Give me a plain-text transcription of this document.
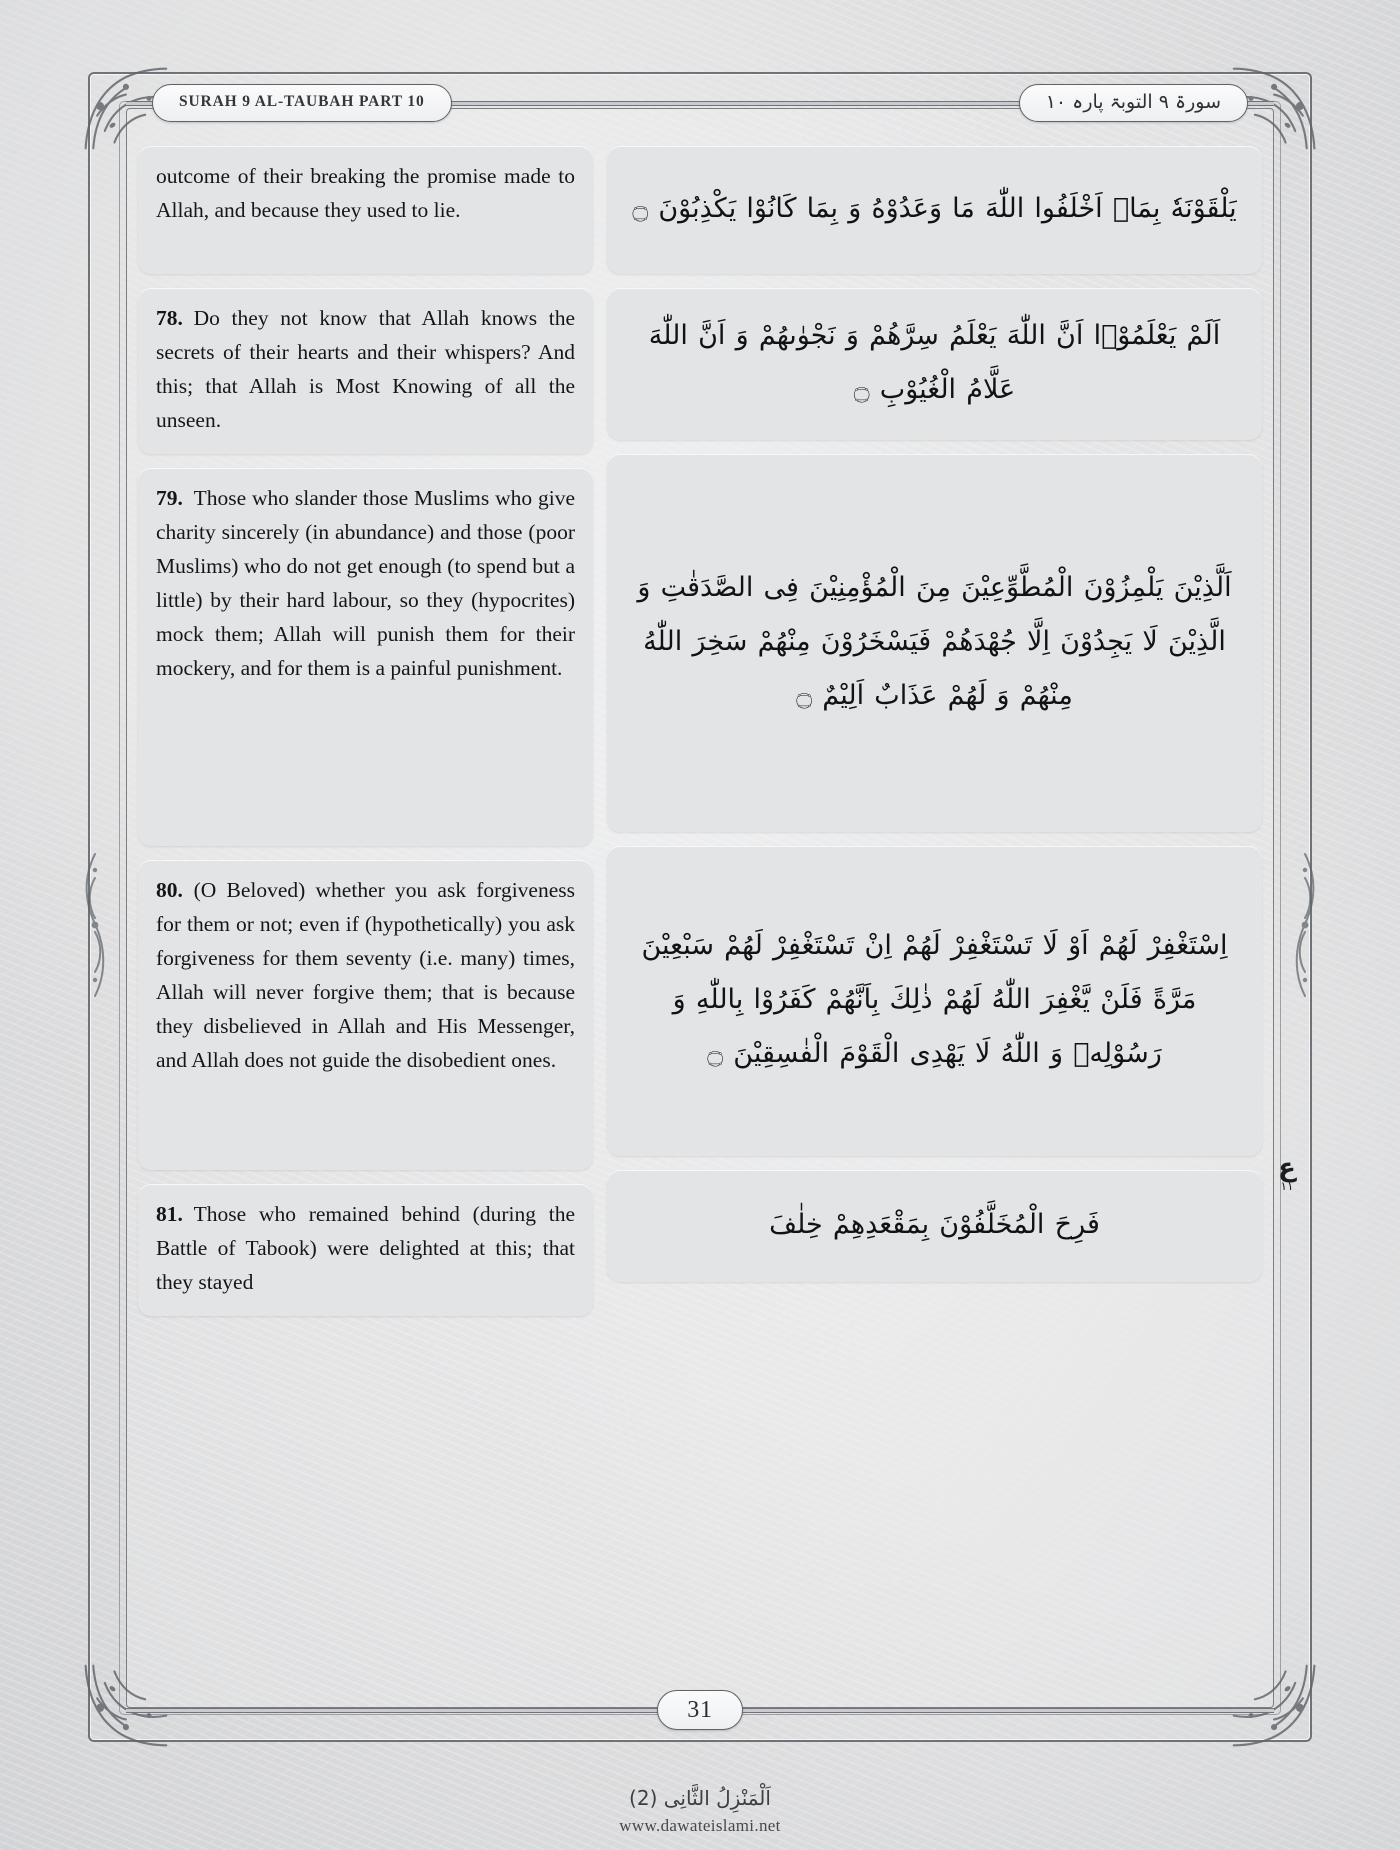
SURAH 9 AL-TAUBAH PART 10	سورۃ ۹ التوبۃ پارہ ۱۰

outcome of their breaking the promise made to Allah, and because they used to lie.

78. Do they not know that Allah knows the secrets of their hearts and their whispers? And this; that Allah is Most Knowing of all the unseen.

79. Those who slander those Muslims who give charity sincerely (in abundance) and those (poor Muslims) who do not get enough (to spend but a little) by their hard labour, so they (hypocrites) mock them; Allah will punish them for their mockery, and for them is a painful punishment.

80. (O Beloved) whether you ask forgiveness for them or not; even if (hypothetically) you ask forgiveness for them seventy (i.e. many) times, Allah will never forgive them; that is because they disbelieved in Allah and His Messenger, and Allah does not guide the disobedient ones.

81. Those who remained behind (during the Battle of Tabook) were delighted at this; that they stayed

یَلْقَوْنَهٗ بِمَاۤ اَخْلَفُوا اللّٰهَ مَا وَعَدُوْهُ وَ بِمَا كَانُوْا یَكْذِبُوْنَ ۝

اَلَمْ یَعْلَمُوْۤا اَنَّ اللّٰهَ یَعْلَمُ سِرَّهُمْ وَ نَجْوٰىهُمْ وَ اَنَّ اللّٰهَ عَلَّامُ الْغُیُوْبِ ۝

اَلَّذِیْنَ یَلْمِزُوْنَ الْمُطَّوِّعِیْنَ مِنَ الْمُؤْمِنِیْنَ فِی الصَّدَقٰتِ وَ الَّذِیْنَ لَا یَجِدُوْنَ اِلَّا جُهْدَهُمْ فَیَسْخَرُوْنَ مِنْهُمْ سَخِرَ اللّٰهُ مِنْهُمْ وَ لَهُمْ عَذَابٌ اَلِیْمٌ ۝

اِسْتَغْفِرْ لَهُمْ اَوْ لَا تَسْتَغْفِرْ لَهُمْ اِنْ تَسْتَغْفِرْ لَهُمْ سَبْعِیْنَ مَرَّةً فَلَنْ یَّغْفِرَ اللّٰهُ لَهُمْ ذٰلِكَ بِاَنَّهُمْ كَفَرُوْا بِاللّٰهِ وَ رَسُوْلِهٖ وَ اللّٰهُ لَا یَهْدِی الْقَوْمَ الْفٰسِقِیْنَ ۝

فَرِحَ الْمُخَلَّفُوْنَ بِمَقْعَدِهِمْ خِلٰفَ

ع
۱۱
31
اَلْمَنْزِلُ الثَّانِی (2)
www.dawateislami.net
